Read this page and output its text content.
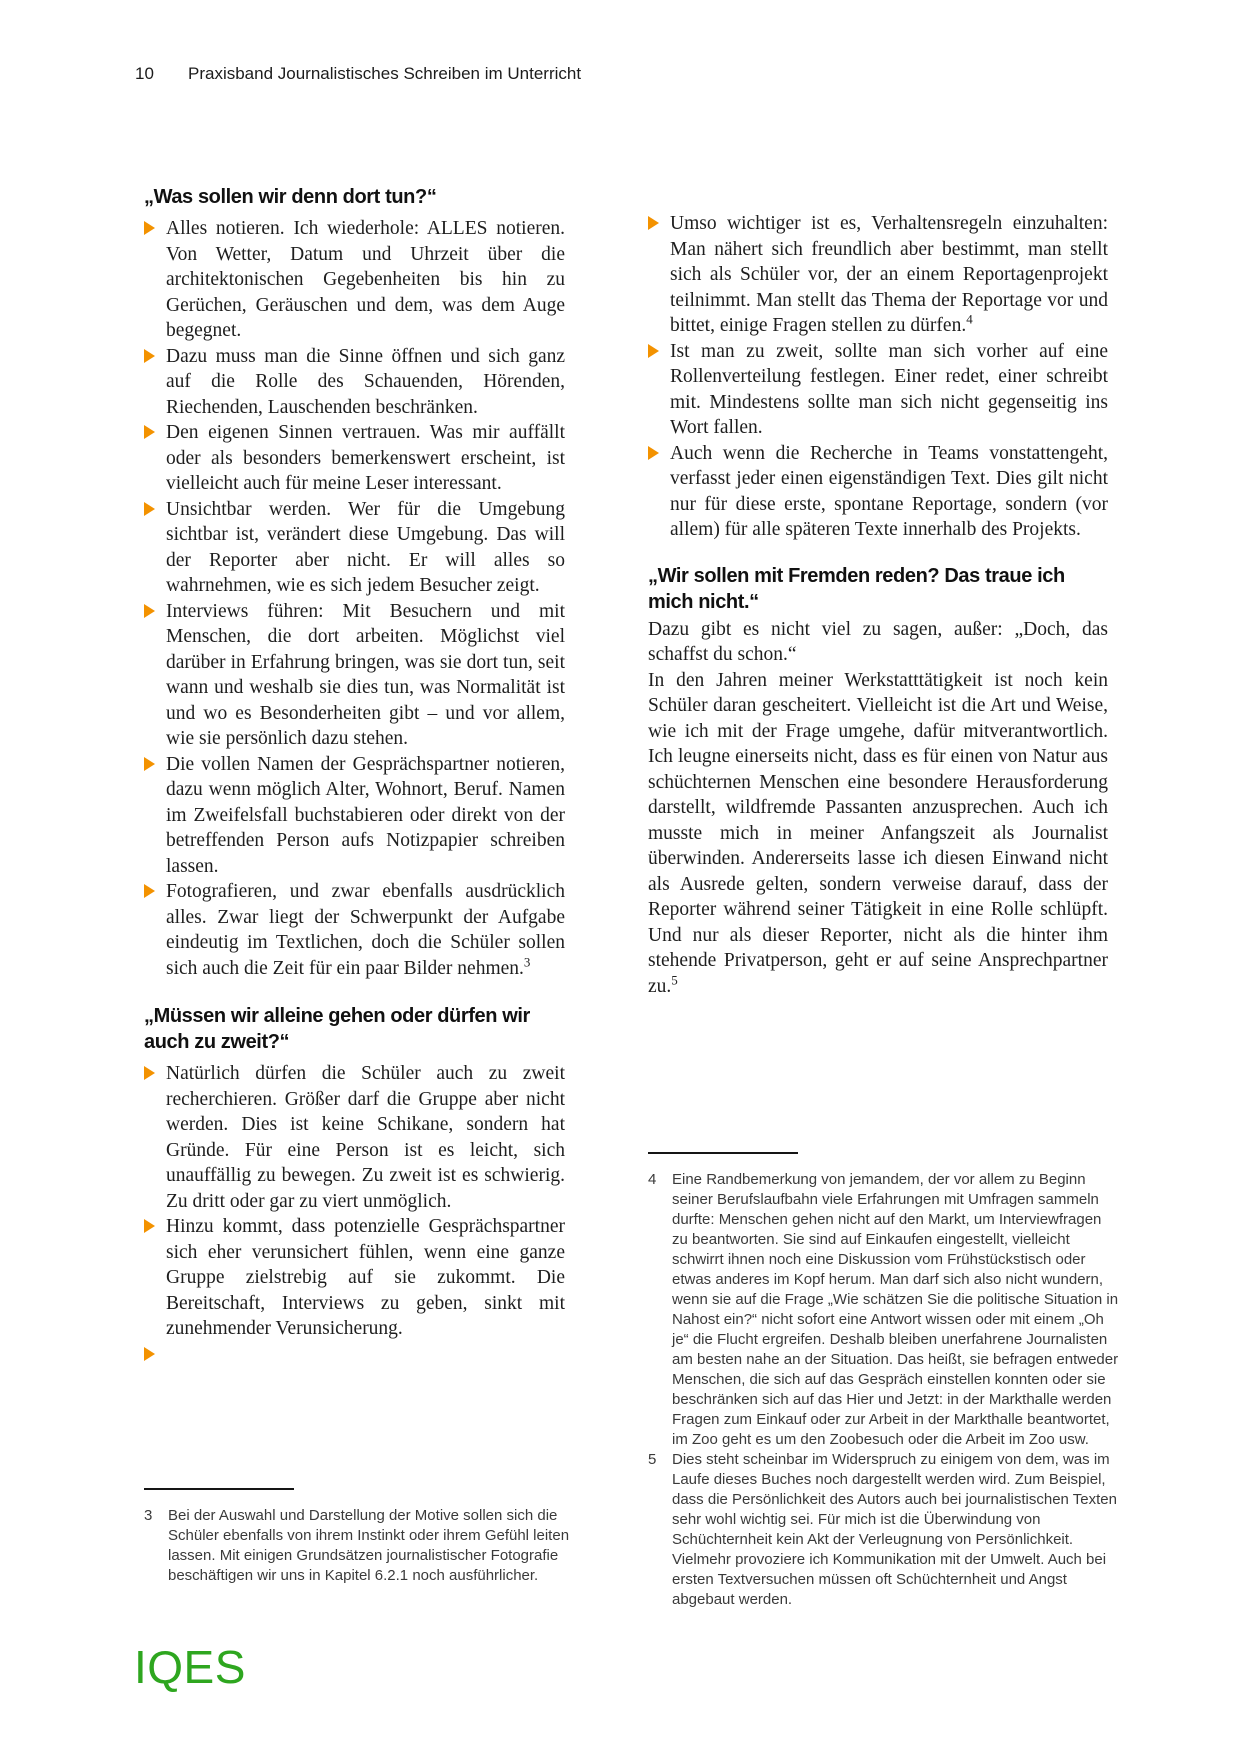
10 Praxisband Journalistisches Schreiben im Unterricht
„Was sollen wir denn dort tun?“
Alles notieren. Ich wiederhole: ALLES notieren. Von Wetter, Datum und Uhrzeit über die architektonischen Gegebenheiten bis hin zu Gerüchen, Geräuschen und dem, was dem Auge begegnet.
Dazu muss man die Sinne öffnen und sich ganz auf die Rolle des Schauenden, Hörenden, Riechenden, Lauschenden beschränken.
Den eigenen Sinnen vertrauen. Was mir auffällt oder als besonders bemerkenswert erscheint, ist vielleicht auch für meine Leser interessant.
Unsichtbar werden. Wer für die Umgebung sichtbar ist, verändert diese Umgebung. Das will der Reporter aber nicht. Er will alles so wahrnehmen, wie es sich jedem Besucher zeigt.
Interviews führen: Mit Besuchern und mit Menschen, die dort arbeiten. Möglichst viel darüber in Erfahrung bringen, was sie dort tun, seit wann und weshalb sie dies tun, was Normalität ist und wo es Besonderheiten gibt – und vor allem, wie sie persönlich dazu stehen.
Die vollen Namen der Gesprächspartner notieren, dazu wenn möglich Alter, Wohnort, Beruf. Namen im Zweifelsfall buchstabieren oder direkt von der betreffenden Person aufs Notizpapier schreiben lassen.
Fotografieren, und zwar ebenfalls ausdrücklich alles. Zwar liegt der Schwerpunkt der Aufgabe eindeutig im Textlichen, doch die Schüler sollen sich auch die Zeit für ein paar Bilder nehmen.$^3$
„Müssen wir alleine gehen oder dürfen wir auch zu zweit?“
Natürlich dürfen die Schüler auch zu zweit recherchieren. Größer darf die Gruppe aber nicht werden. Dies ist keine Schikane, sondern hat Gründe. Für eine Person ist es leicht, sich unauffällig zu bewegen. Zu zweit ist es schwierig. Zu dritt oder gar zu viert unmöglich.
Hinzu kommt, dass potenzielle Gesprächspartner sich eher verunsichert fühlen, wenn eine ganze Gruppe zielstrebig auf sie zukommt. Die Bereitschaft, Interviews zu geben, sinkt mit zunehmender Verunsicherung.
3	Bei der Auswahl und Darstellung der Motive sollen sich die Schüler ebenfalls von ihrem Instinkt oder ihrem Gefühl leiten lassen. Mit einigen Grundsätzen journalistischer Fotografie beschäftigen wir uns in Kapitel 6.2.1 noch ausführlicher.
Umso wichtiger ist es, Verhaltensregeln einzuhalten: Man nähert sich freundlich aber bestimmt, man stellt sich als Schüler vor, der an einem Reportagenprojekt teilnimmt. Man stellt das Thema der Reportage vor und bittet, einige Fragen stellen zu dürfen.$^4$
Ist man zu zweit, sollte man sich vorher auf eine Rollenverteilung festlegen. Einer redet, einer schreibt mit. Mindestens sollte man sich nicht gegenseitig ins Wort fallen.
Auch wenn die Recherche in Teams vonstattengeht, verfasst jeder einen eigenständigen Text. Dies gilt nicht nur für diese erste, spontane Reportage, sondern (vor allem) für alle späteren Texte innerhalb des Projekts.
„Wir sollen mit Fremden reden? Das traue ich mich nicht.“

Dazu gibt es nicht viel zu sagen, außer: „Doch, das schaffst du schon.“

In den Jahren meiner Werkstatttätigkeit ist noch kein Schüler daran gescheitert. Vielleicht ist die Art und Weise, wie ich mit der Frage umgehe, dafür mitverantwortlich. Ich leugne einerseits nicht, dass es für einen von Natur aus schüchternen Menschen eine besondere Herausforderung darstellt, wildfremde Passanten anzusprechen. Auch ich musste mich in meiner Anfangszeit als Journalist überwinden. Andererseits lasse ich diesen Einwand nicht als Ausrede gelten, sondern verweise darauf, dass der Reporter während seiner Tätigkeit in eine Rolle schlüpft. Und nur als dieser Reporter, nicht als die hinter ihm stehende Privatperson, geht er auf seine Ansprechpartner zu.$^5$

4	Eine Randbemerkung von jemandem, der vor allem zu Beginn seiner Berufslaufbahn viele Erfahrungen mit Umfragen sammeln durfte: Menschen gehen nicht auf den Markt, um Interviewfragen zu beantworten. Sie sind auf Einkaufen eingestellt, vielleicht schwirrt ihnen noch eine Diskussion vom Frühstückstisch oder etwas anderes im Kopf herum. Man darf sich also nicht wundern, wenn sie auf die Frage „Wie schätzen Sie die politische Situation in Nahost ein?“ nicht sofort eine Antwort wissen oder mit einem „Oh je“ die Flucht ergreifen. Deshalb bleiben unerfahrene Journalisten am besten nahe an der Situation. Das heißt, sie befragen entweder Menschen, die sich auf das Gespräch einstellen konnten oder sie beschränken sich auf das Hier und Jetzt: in der Markthalle werden Fragen zum Einkauf oder zur Arbeit in der Markthalle beantwortet, im Zoo geht es um den Zoobesuch oder die Arbeit im Zoo usw.
5	Dies steht scheinbar im Widerspruch zu einigem von dem, was im Laufe dieses Buches noch dargestellt werden wird. Zum Beispiel, dass die Persönlichkeit des Autors auch bei journalistischen Texten sehr wohl wichtig sei. Für mich ist die Überwindung von Schüchternheit kein Akt der Verleugnung von Persönlichkeit. Vielmehr provoziere ich Kommunikation mit der Umwelt. Auch bei ersten Textversuchen müssen oft Schüchternheit und Angst abgebaut werden.
IQES
